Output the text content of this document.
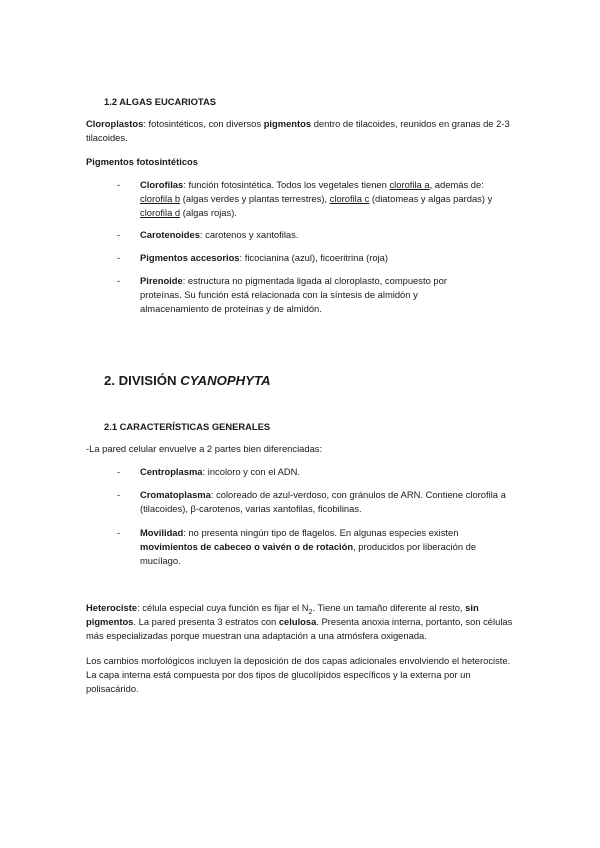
1.2 ALGAS EUCARIOTAS
Cloroplastos: fotosintéticos, con diversos pigmentos dentro de tilacoides, reunidos en granas de 2-3 tilacoides.
Pigmentos fotosintéticos
-	Clorofilas: función fotosintética. Todos los vegetales tienen clorofila a, además de: clorofila b (algas verdes y plantas terrestres), clorofila c (diatomeas y algas pardas) y clorofila d (algas rojas).
-	Carotenoides: carotenos y xantofilas.
-	Pigmentos accesorios: ficocianina (azul), ficoeritrina (roja)
-	Pirenoide: estructura no pigmentada ligada al cloroplasto, compuesto por proteínas. Su función está relacionada con la síntesis de almidón y almacenamiento de proteínas y de almidón.
2. DIVISIÓN CYANOPHYTA
2.1 CARACTERÍSTICAS GENERALES
-La pared celular envuelve a 2 partes bien diferenciadas:
-	Centroplasma: incoloro y con el ADN.
-	Cromatoplasma: coloreado de azul-verdoso, con gránulos de ARN. Contiene clorofila a (tilacoides), β-carotenos, varias xantofilas, ficobilinas.
-	Movilidad: no presenta ningún tipo de flagelos. En algunas especies existen movimientos de cabeceo o vaivén o de rotación, producidos por liberación de mucílago.
Heterociste: célula especial cuya función es fijar el $N_2$. Tiene un tamaño diferente al resto, sin pigmentos. La pared presenta 3 estratos con celulosa. Presenta anoxia interna, portanto, son células más especializadas porque muestran una adaptación a una atmósfera oxigenada.
Los cambios morfológicos incluyen la deposición de dos capas adicionales envolviendo el heterociste. La capa interna está compuesta por dos tipos de glucolípidos específicos y la externa por un polisacárido.
